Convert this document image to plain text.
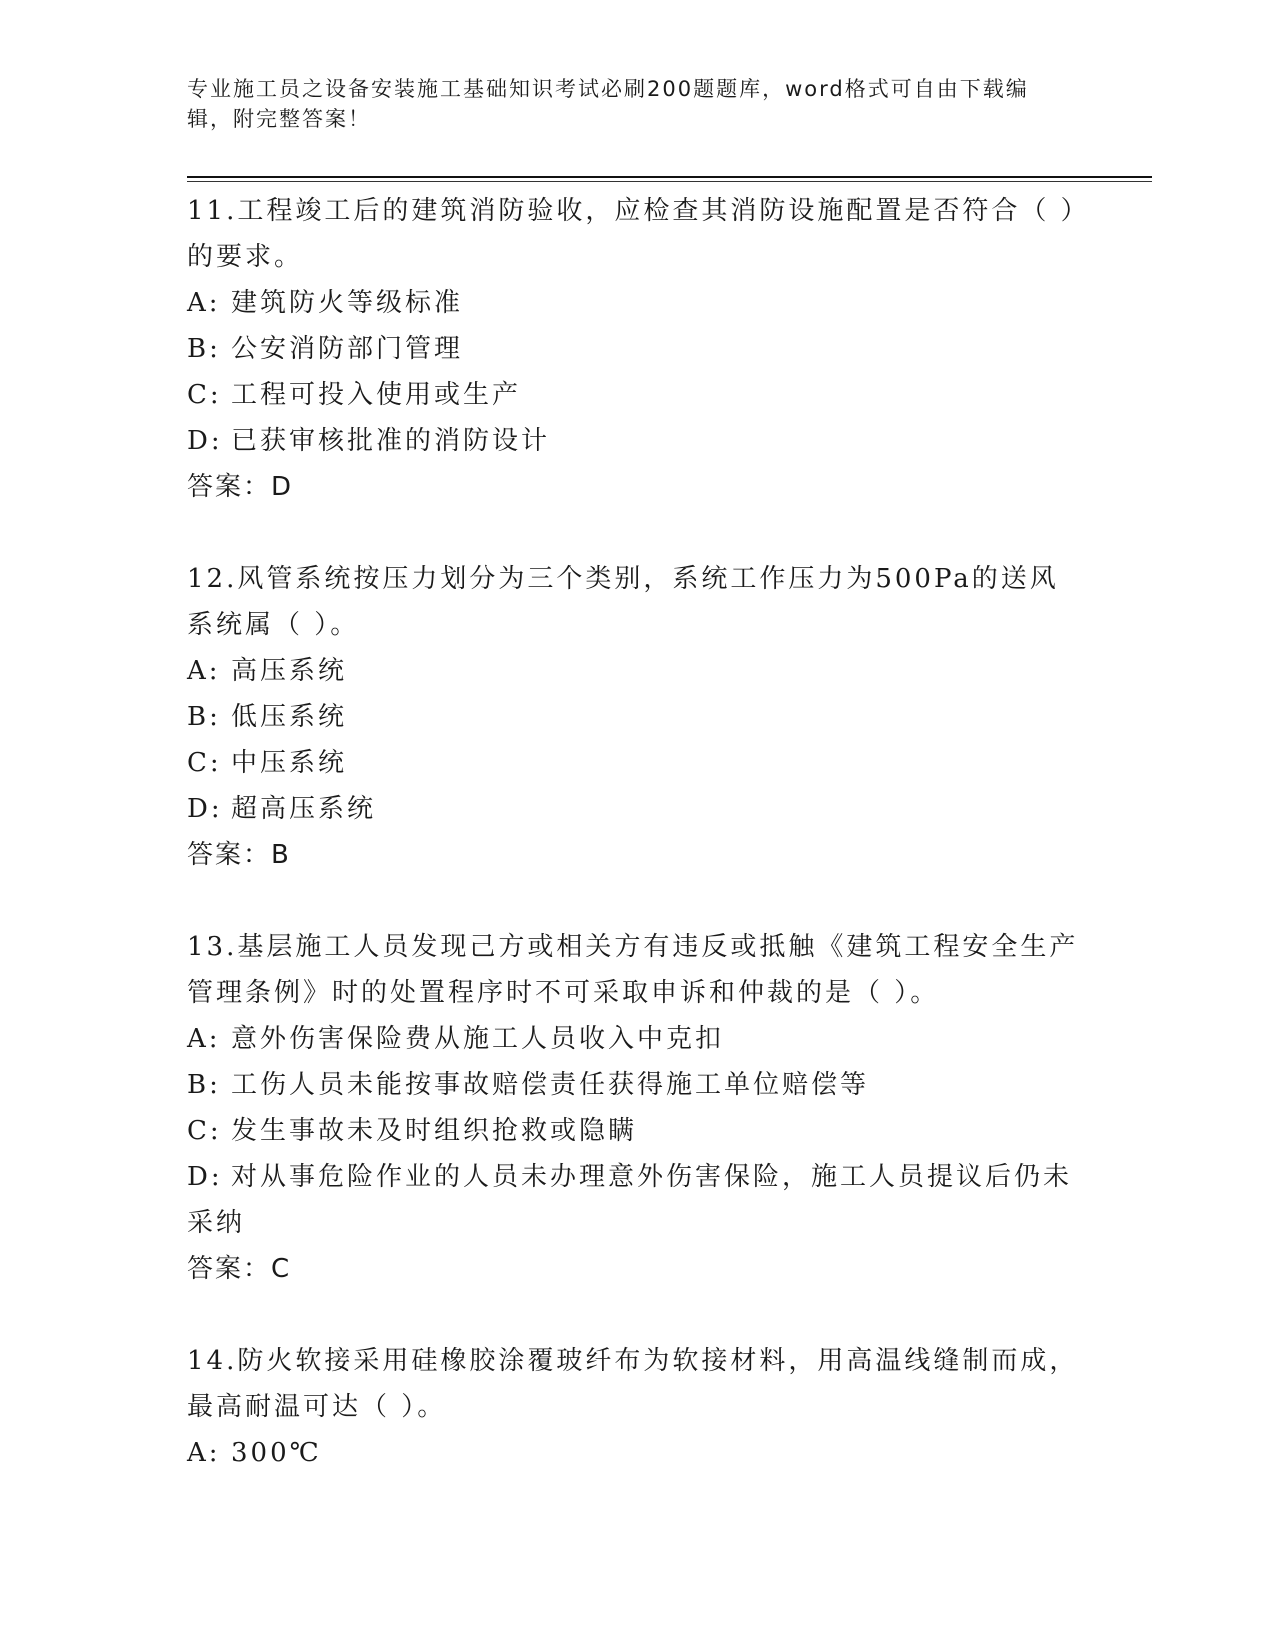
专业施工员之设备安装施工基础知识考试必刷200题题库，word格式可自由下载编辑，附完整答案！
11.工程竣工后的建筑消防验收，应检查其消防设施配置是否符合（ ）的要求。
A: 建筑防火等级标准
B: 公安消防部门管理
C: 工程可投入使用或生产
D: 已获审核批准的消防设计
答案：D
12.风管系统按压力划分为三个类别，系统工作压力为500Pa的送风系统属（ ）。
A: 高压系统
B: 低压系统
C: 中压系统
D: 超高压系统
答案：B
13.基层施工人员发现己方或相关方有违反或抵触《建筑工程安全生产管理条例》时的处置程序时不可采取申诉和仲裁的是（ ）。
A: 意外伤害保险费从施工人员收入中克扣
B: 工伤人员未能按事故赔偿责任获得施工单位赔偿等
C: 发生事故未及时组织抢救或隐瞒
D: 对从事危险作业的人员未办理意外伤害保险，施工人员提议后仍未采纳
答案：C
14.防火软接采用硅橡胶涂覆玻纤布为软接材料，用高温线缝制而成，最高耐温可达（ ）。
A: 300℃
